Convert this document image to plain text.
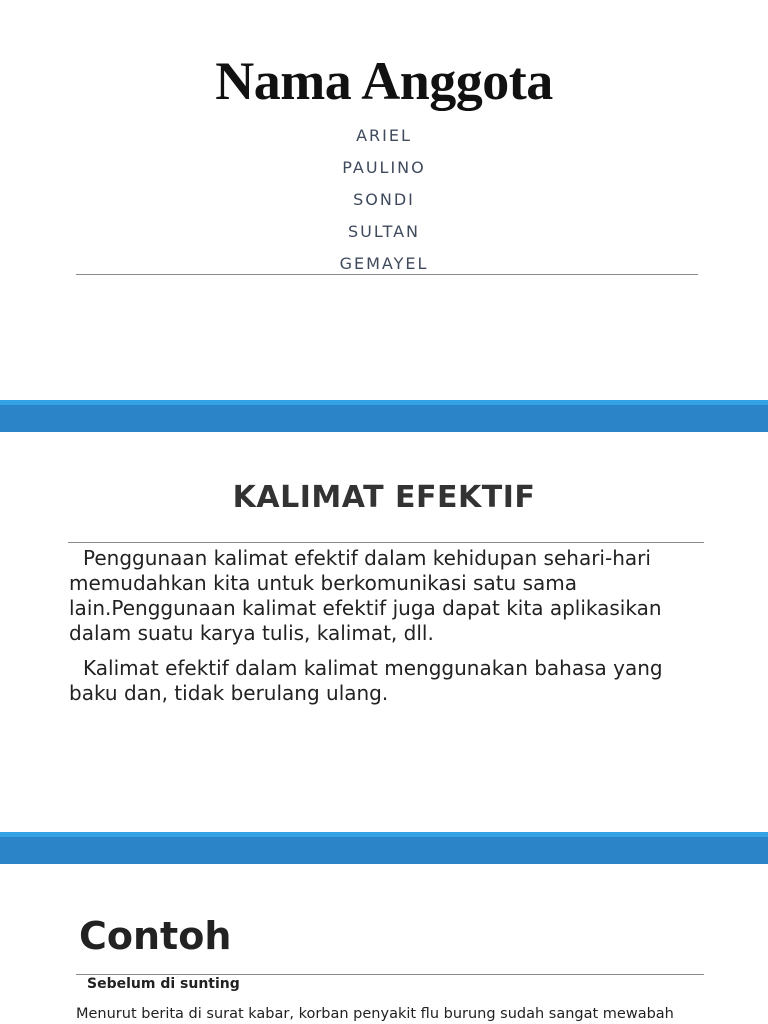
Nama Anggota
ARIEL
PAULINO
SONDI
SULTAN
GEMAYEL
KALIMAT EFEKTIF

Penggunaan kalimat efektif dalam kehidupan sehari-hari memudahkan kita untuk berkomunikasi satu sama lain.Penggunaan kalimat efektif juga dapat kita aplikasikan dalam suatu karya tulis, kalimat, dll.

Kalimat efektif dalam kalimat menggunakan bahasa yang baku dan, tidak berulang ulang.

Contoh
Sebelum di sunting
Menurut berita di surat kabar, korban penyakit flu burung sudah sangat mewabah
